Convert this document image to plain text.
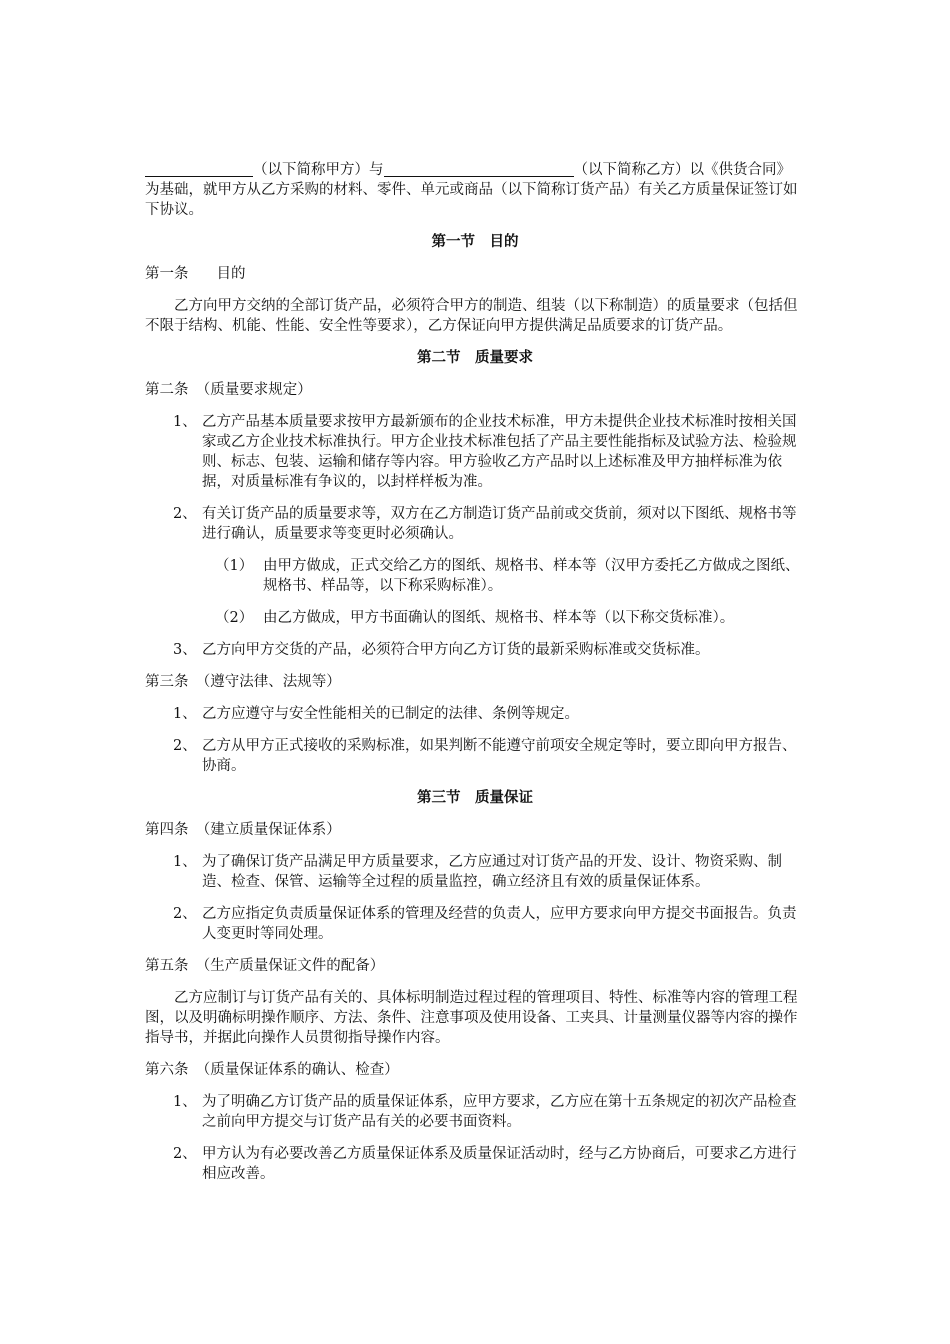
（以下简称甲方）与	（以下简称乙方）以《供货合同》为基础，就甲方从乙方采购的材料、零件、单元或商品（以下简称订货产品）有关乙方质量保证签订如下协议。

第一节　目的

第一条 目的

乙方向甲方交纳的全部订货产品，必须符合甲方的制造、组装（以下称制造）的质量要求（包括但不限于结构、机能、性能、安全性等要求），乙方保证向甲方提供满足品质要求的订货产品。

第二节　质量要求

第二条　（质量要求规定）

1、 乙方产品基本质量要求按甲方最新颁布的企业技术标准，甲方未提供企业技术标准时按相关国家或乙方企业技术标准执行。甲方企业技术标准包括了产品主要性能指标及试验方法、检验规则、标志、包装、运输和储存等内容。甲方验收乙方产品时以上述标准及甲方抽样标准为依据，对质量标准有争议的，以封样样板为准。
2、 有关订货产品的质量要求等，双方在乙方制造订货产品前或交货前，须对以下图纸、规格书等进行确认，质量要求等变更时必须确认。
（1） 由甲方做成，正式交给乙方的图纸、规格书、样本等（汉甲方委托乙方做成之图纸、规格书、样品等，以下称采购标准）。
（2） 由乙方做成，甲方书面确认的图纸、规格书、样本等（以下称交货标准）。
3、 乙方向甲方交货的产品，必须符合甲方向乙方订货的最新采购标准或交货标准。

第三条　（遵守法律、法规等）

1、 乙方应遵守与安全性能相关的已制定的法律、条例等规定。
2、 乙方从甲方正式接收的采购标准，如果判断不能遵守前项安全规定等时，要立即向甲方报告、协商。
第三节　质量保证

第四条　（建立质量保证体系）

1、 为了确保订货产品满足甲方质量要求，乙方应通过对订货产品的开发、设计、物资采购、制造、检查、保管、运输等全过程的质量监控，确立经济且有效的质量保证体系。
2、 乙方应指定负责质量保证体系的管理及经营的负责人，应甲方要求向甲方提交书面报告。负责人变更时等同处理。

第五条　（生产质量保证文件的配备）

乙方应制订与订货产品有关的、具体标明制造过程过程的管理项目、特性、标准等内容的管理工程图，以及明确标明操作顺序、方法、条件、注意事项及使用设备、工夹具、计量测量仪器等内容的操作指导书，并据此向操作人员贯彻指导操作内容。

第六条　（质量保证体系的确认、检查）

1、 为了明确乙方订货产品的质量保证体系，应甲方要求，乙方应在第十五条规定的初次产品检查之前向甲方提交与订货产品有关的必要书面资料。
2、 甲方认为有必要改善乙方质量保证体系及质量保证活动时，经与乙方协商后，可要求乙方进行相应改善。
